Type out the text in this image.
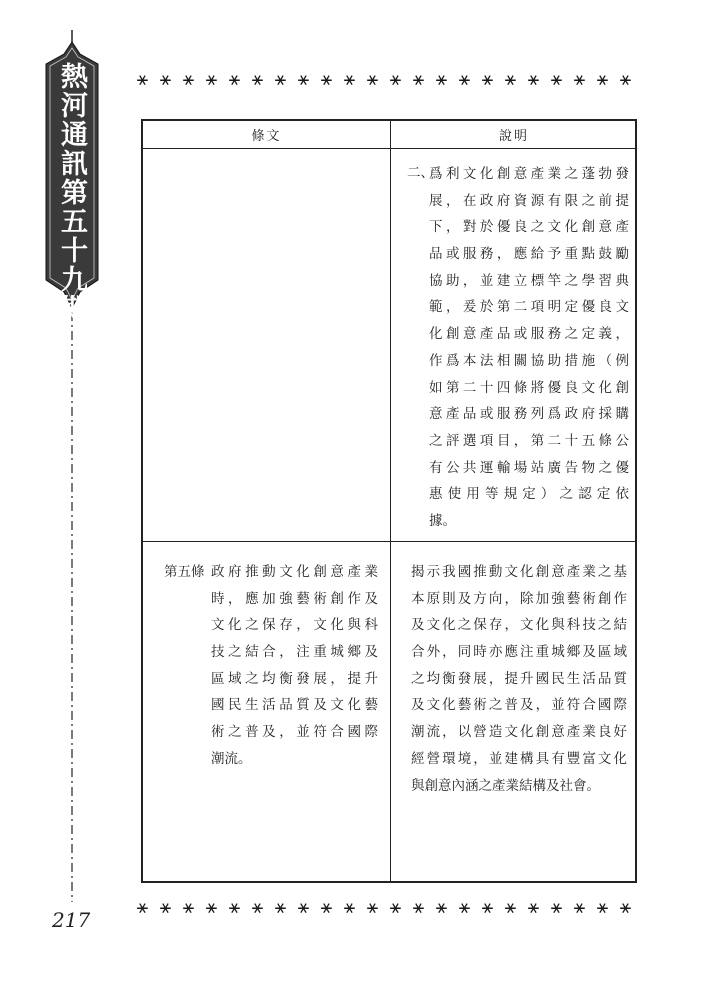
熱河通訊第五十九期
217
⚹ ⚹ ⚹ ⚹ ⚹ ⚹ ⚹ ⚹ ⚹ ⚹ ⚹ ⚹ ⚹ ⚹ ⚹ ⚹ ⚹ ⚹ ⚹ ⚹ ⚹ ⚹
條文	說明
二、
爲利文化創意產業之蓬勃發
展，在政府資源有限之前提
下，對於優良之文化創意產
品或服務，應給予重點鼓勵
協助，並建立標竿之學習典
範，爰於第二項明定優良文
化創意產品或服務之定義，
作爲本法相關協助措施（例
如第二十四條將優良文化創
意產品或服務列爲政府採購
之評選項目，第二十五條公
有公共運輸場站廣告物之優
惠使用等規定）之認定依
據。
第五條 政府推動文化創意產業
時，應加強藝術創作及
文化之保存，文化與科
技之結合，注重城鄉及
區域之均衡發展，提升
國民生活品質及文化藝
術之普及，並符合國際
潮流。
揭示我國推動文化創意產業之基
本原則及方向，除加強藝術創作
及文化之保存，文化與科技之結
合外，同時亦應注重城鄉及區域
之均衡發展，提升國民生活品質
及文化藝術之普及，並符合國際
潮流，以營造文化創意產業良好
經營環境，並建構具有豐富文化
與創意內涵之產業結構及社會。
⚹ ⚹ ⚹ ⚹ ⚹ ⚹ ⚹ ⚹ ⚹ ⚹ ⚹ ⚹ ⚹ ⚹ ⚹ ⚹ ⚹ ⚹ ⚹ ⚹ ⚹ ⚹
